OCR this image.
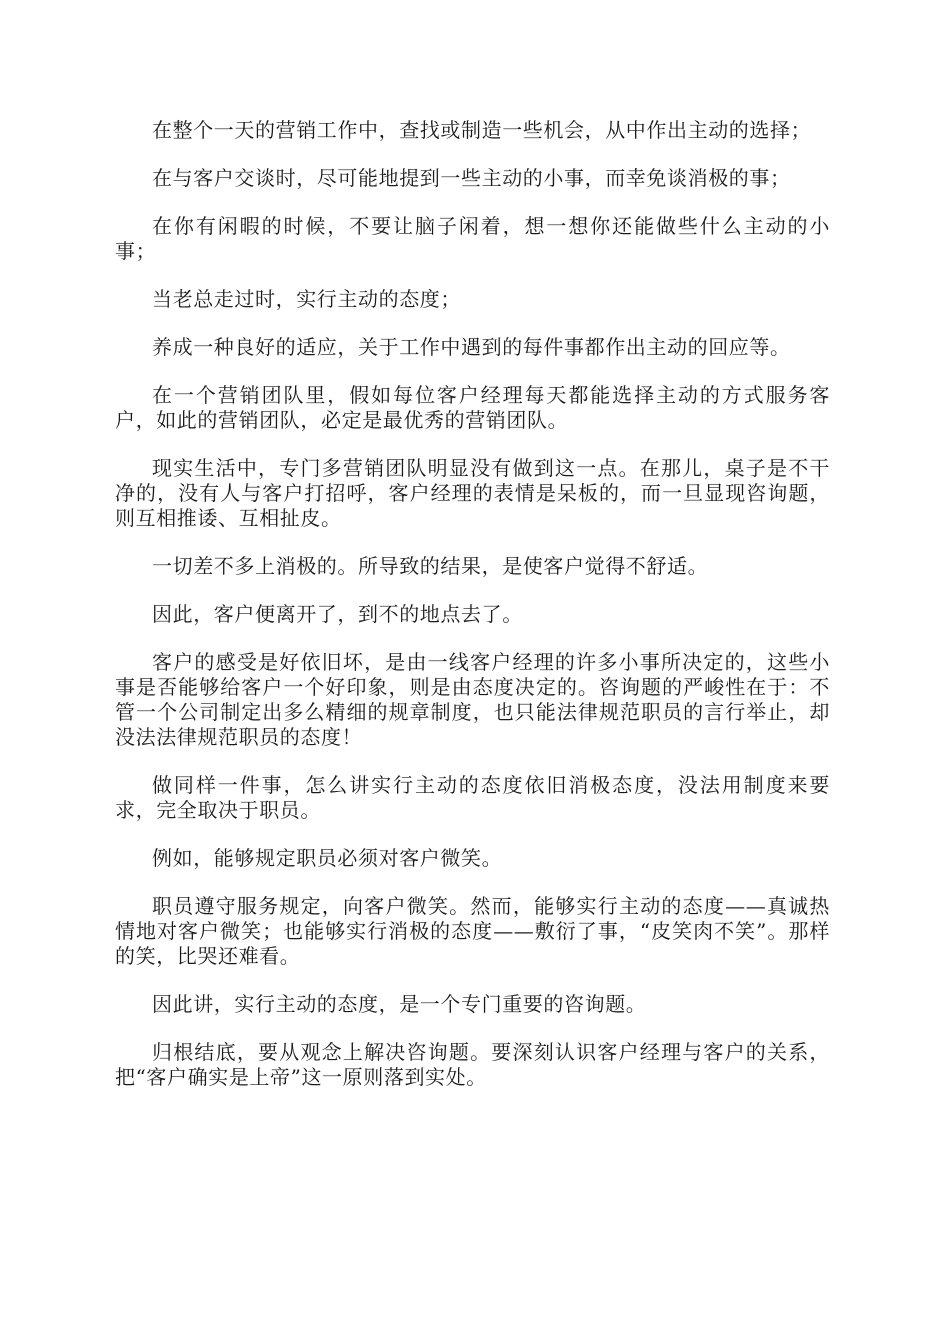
在整个一天的营销工作中，查找或制造一些机会，从中作出主动的选择；

在与客户交谈时，尽可能地提到一些主动的小事，而幸免谈消极的事；

在你有闲暇的时候，不要让脑子闲着，想一想你还能做些什么主动的小事；

当老总走过时，实行主动的态度；

养成一种良好的适应，关于工作中遇到的每件事都作出主动的回应等。

在一个营销团队里，假如每位客户经理每天都能选择主动的方式服务客户，如此的营销团队，必定是最优秀的营销团队。

现实生活中，专门多营销团队明显没有做到这一点。在那儿，桌子是不干净的，没有人与客户打招呼，客户经理的表情是呆板的，而一旦显现咨询题，则互相推诿、互相扯皮。

一切差不多上消极的。所导致的结果，是使客户觉得不舒适。

因此，客户便离开了，到不的地点去了。

客户的感受是好依旧坏，是由一线客户经理的许多小事所决定的，这些小事是否能够给客户一个好印象，则是由态度决定的。咨询题的严峻性在于：不管一个公司制定出多么精细的规章制度，也只能法律规范职员的言行举止，却没法法律规范职员的态度！

做同样一件事，怎么讲实行主动的态度依旧消极态度，没法用制度来要求，完全取决于职员。

例如，能够规定职员必须对客户微笑。

职员遵守服务规定，向客户微笑。然而，能够实行主动的态度——真诚热情地对客户微笑；也能够实行消极的态度——敷衍了事，“皮笑肉不笑”。那样的笑，比哭还难看。

因此讲，实行主动的态度，是一个专门重要的咨询题。

归根结底，要从观念上解决咨询题。要深刻认识客户经理与客户的关系，把“客户确实是上帝”这一原则落到实处。
